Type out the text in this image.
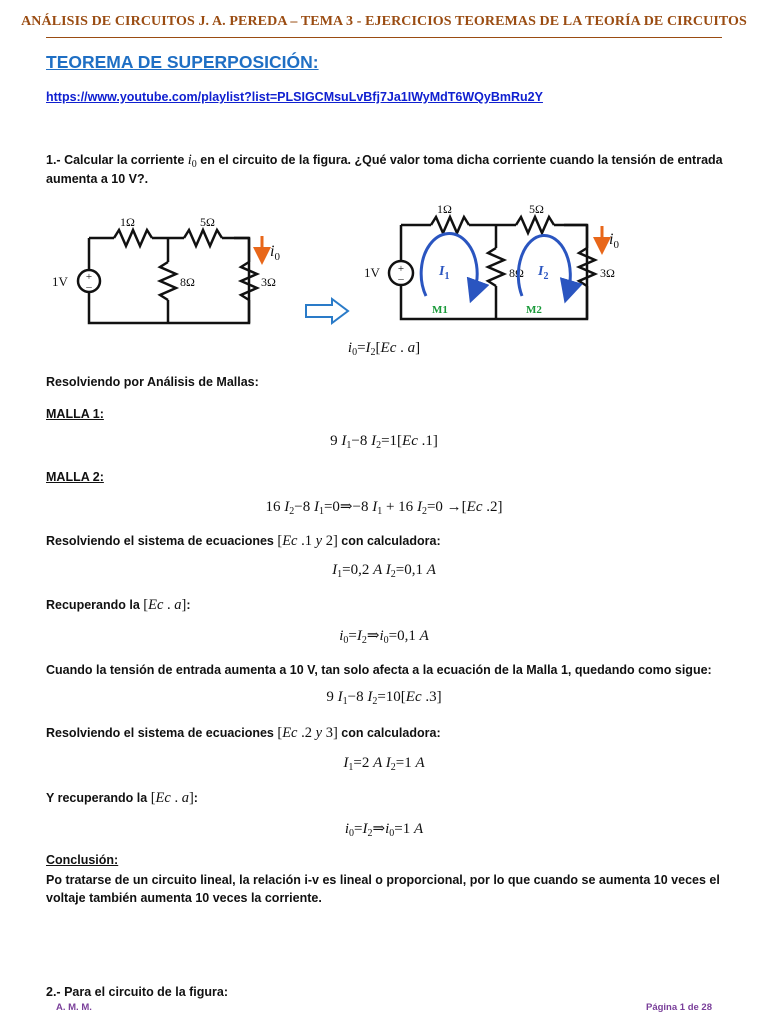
ANÁLISIS DE CIRCUITOS J. A. PEREDA – TEMA 3 - EJERCICIOS TEOREMAS DE LA TEORÍA DE CIRCUITOS
TEOREMA DE SUPERPOSICIÓN:
https://www.youtube.com/playlist?list=PLSIGCMsuLvBfj7Ja1IWyMdT6WQyBmRu2Y
1.- Calcular la corriente $i_0$ en el circuito de la figura. ¿Qué valor toma dicha corriente cuando la tensión de entrada
aumenta a 10 V?.
+
–
1V
1Ω	5Ω
8Ω	3Ω
$i_0$
+
–
1V
1Ω	5Ω
8Ω	3Ω
$i_0$
$I_1$	$I_2$
M1	M2
$i_0=I_2[Ec$ . a]
Resolviendo por Análisis de Mallas:
MALLA 1:
9 $I_1-8$ $I_2=1[Ec$ .1]
MALLA 2:
16 $I_2-8$ $I_1=0\Rightarrow-8$ $I_1 + 16$ $I_2=0 \to[Ec$ .2]
Resolviendo el sistema de ecuaciones [Ec .1 y 2] con calculadora:
$I_1=0,2$ A $I_2=0,1$ A
Recuperando la [Ec . a]:
$i_0=I_2\Rightarrow i_0=0,1$ A
Cuando la tensión de entrada aumenta a 10 V, tan solo afecta a la ecuación de la Malla 1, quedando como sigue:
9 $I_1-8$ $I_2=10[Ec$ .3]
Resolviendo el sistema de ecuaciones [Ec .2 y 3] con calculadora:
$I_1=2$ A $I_2=1$ A
Y recuperando la [Ec . a]:
$i_0=I_2\Rightarrow i_0=1$ A
Conclusión:
Po tratarse de un circuito lineal, la relación i-v es lineal o proporcional, por lo que cuando se aumenta 10 veces el
voltaje también aumenta 10 veces la corriente.
2.- Para el circuito de la figura:
A. M. M.	Página 1 de 28
